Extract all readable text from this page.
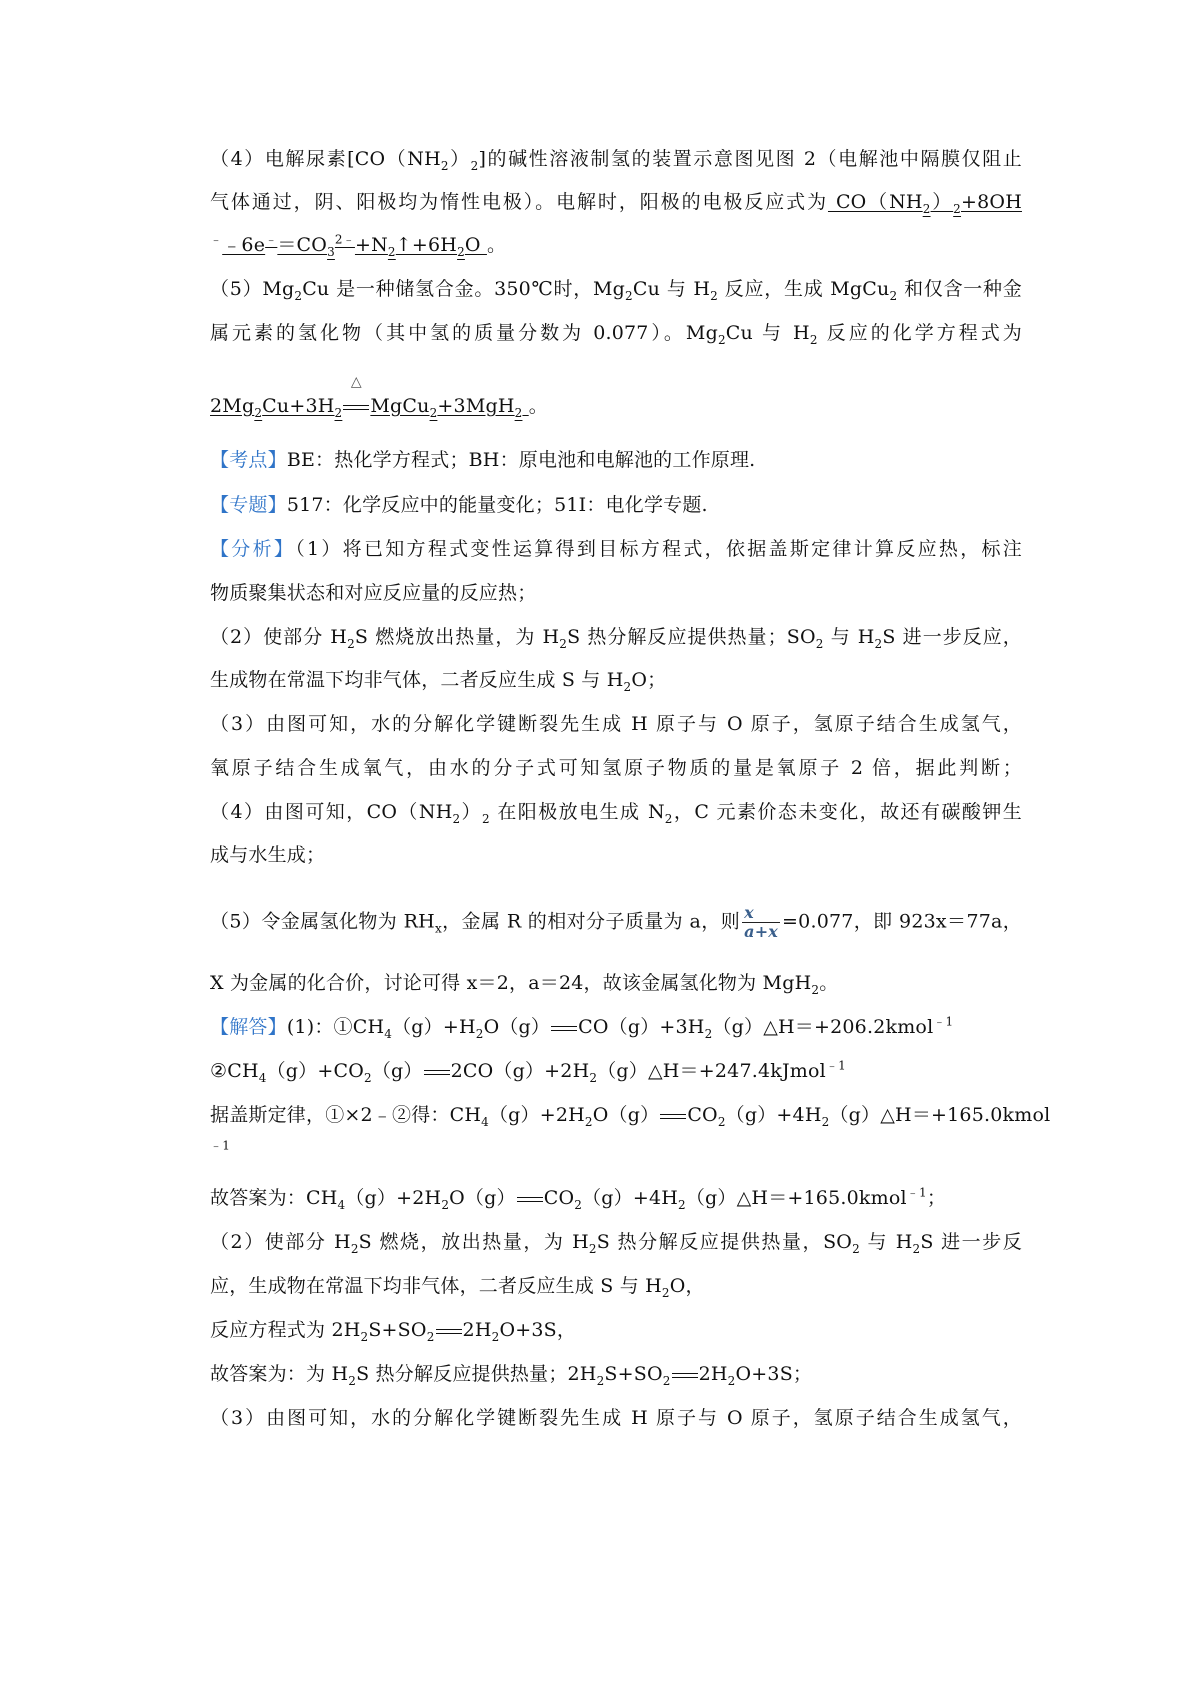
（4）电解尿素$[CO(NH_2)_2]$的碱性溶液制氢的装置示意图见图 2（电解池中隔膜仅阻止
气体通过，阴、阳极均为惰性电极）。电解时，阳极的电极反应式为 $CO(NH_2)_2+8OH$
$^﹣﹣6e^﹣=CO_3^{2﹣}+N_2↑+6H_2O$ 。
$(5)Mg_2Cu$ 是一种储氢合金。350℃时，$Mg_2Cu$ 与 $H_2$ 反应，生成 MgCu$_2$ 和仅含一种金
属元素的氢化物（其中氢的质量分数为 0.077）。$Mg_2Cu$ 与 $H_2$ 反应的化学方程式为
$2Mg_2Cu+3H_2$
△
MgCu$_2$+3MgH$_2$ 。
【考点】BE：热化学方程式；BH：原电池和电解池的工作原理.
【专题】517：化学反应中的能量变化；51I：电化学专题.
【分析】（1）将已知方程式变性运算得到目标方程式，依据盖斯定律计算反应热，标注
物质聚集状态和对应反应量的反应热；
（2）使部分 $H_2S$ 燃烧放出热量，为 $H_2S$ 热分解反应提供热量；$SO_2$ 与 $H_2S$ 进一步反应，
生成物在常温下均非气体，二者反应生成 S 与 $H_2O$；
（3）由图可知，水的分解化学键断裂先生成 H 原子与 O 原子，氢原子结合生成氢气，
氧原子结合生成氧气，由水的分子式可知氢原子物质的量是氧原子 2 倍，据此判断；
（4）由图可知，$CO(NH_2)_2$ 在阳极放电生成 $N_2$，C 元素价态未变化，故还有碳酸钾生
成与水生成；
（5）令金属氢化物为 $RH_x$，金属 R 的相对分子质量为 a，则 $\frac{x}{a+x} =0.077$，即 923x＝77a，
X 为金属的化合价，讨论可得 x＝2，a＝24，故该金属氢化物为 MgH$_2$。
【解答】(1)：$①CH_4(g)+H_2O(g)$ $CO(g)+3H_2(g)\triangle H=+206.2kmol^{﹣1}$
$②CH_4(g)+CO_2(g)$ $2CO(g)+2H_2(g)\triangle H=+247.4kJmol^{﹣1}$
据盖斯定律，①×2﹣②得：$CH_4(g)+2H_2O(g)$ $CO_2(g)+4H_2(g)\triangle H=+165.0kmol$
$^{﹣1}$
故答案为：$CH_4(g)+2H_2O(g)$ $CO_2(g)+4H_2(g)\triangle H=+165.0kmol^{﹣1}$；
（2）使部分 $H_2S$ 燃烧，放出热量，为 $H_2S$ 热分解反应提供热量，$SO_2$ 与 $H_2S$ 进一步反
应，生成物在常温下均非气体，二者反应生成 S 与 $H_2O$，
反应方程式为 $2H_2S+SO_2$ $2H_2O+3S$，
故答案为：为 $H_2S$ 热分解反应提供热量；$2H_2S+SO_2$ $2H_2O+3S$；
（3）由图可知，水的分解化学键断裂先生成 H 原子与 O 原子，氢原子结合生成氢气，
